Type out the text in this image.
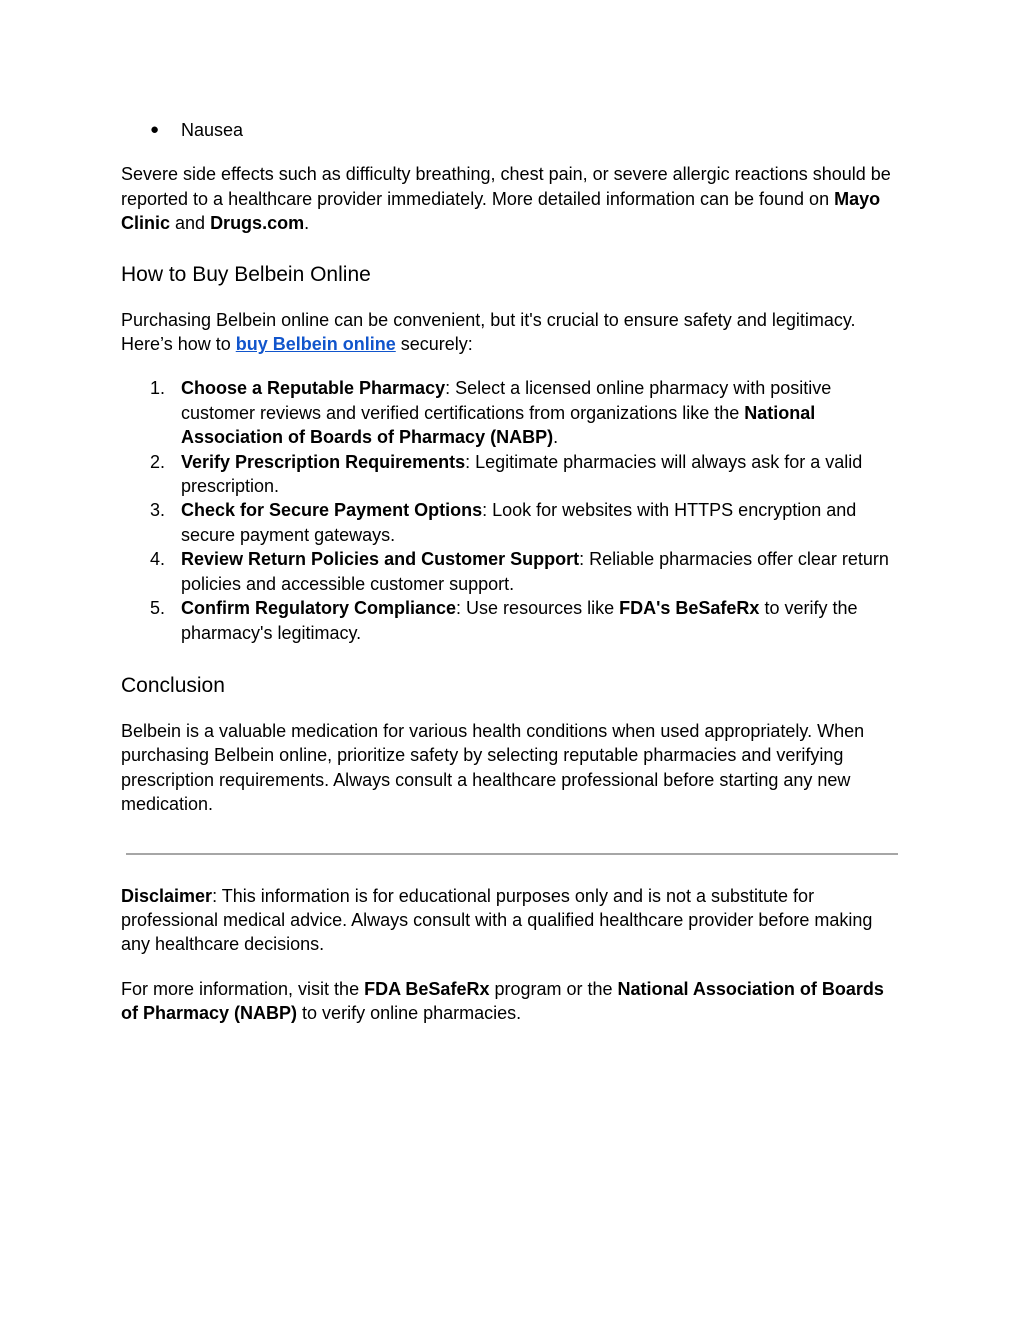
● Nausea

Severe side effects such as difficulty breathing, chest pain, or severe allergic reactions should be reported to a healthcare provider immediately. More detailed information can be found on Mayo Clinic and Drugs.com.

How to Buy Belbein Online

Purchasing Belbein online can be convenient, but it's crucial to ensure safety and legitimacy. Here’s how to buy Belbein online securely:

1. Choose a Reputable Pharmacy: Select a licensed online pharmacy with positive customer reviews and verified certifications from organizations like the National Association of Boards of Pharmacy (NABP).
2. Verify Prescription Requirements: Legitimate pharmacies will always ask for a valid prescription.
3. Check for Secure Payment Options: Look for websites with HTTPS encryption and secure payment gateways.
4. Review Return Policies and Customer Support: Reliable pharmacies offer clear return policies and accessible customer support.
5. Confirm Regulatory Compliance: Use resources like FDA's BeSafeRx to verify the pharmacy's legitimacy.
Conclusion

Belbein is a valuable medication for various health conditions when used appropriately. When purchasing Belbein online, prioritize safety by selecting reputable pharmacies and verifying prescription requirements. Always consult a healthcare professional before starting any new medication.

Disclaimer: This information is for educational purposes only and is not a substitute for professional medical advice. Always consult with a qualified healthcare provider before making any healthcare decisions.

For more information, visit the FDA BeSafeRx program or the National Association of Boards of Pharmacy (NABP) to verify online pharmacies.
